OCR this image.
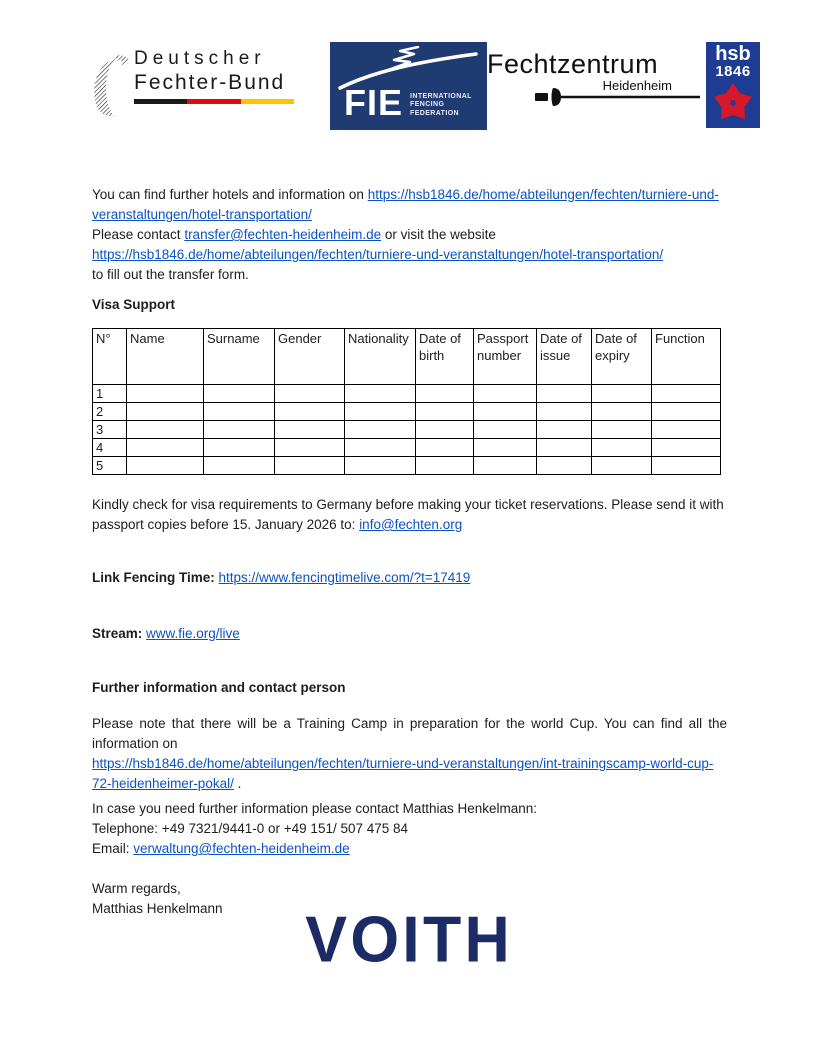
Deutscher
Fechter-Bund FIE INTERNATIONAL FENCING FEDERATION
Fechtzentrum
Heidenheim
hsb
1846

You can find further hotels and information on https://hsb1846.de/home/abteilungen/fechten/turniere-und-veranstaltungen/hotel-transportation/
Please contact transfer@fechten-heidenheim.de or visit the website
https://hsb1846.de/home/abteilungen/fechten/turniere-und-veranstaltungen/hotel-transportation/
to fill out the transfer form.

Visa Support

N°	Name	Surname	Gender	Nationality	Date of birth	Passport number	Date of issue	Date of expiry	Function
1									
2									
3									
4									
5									

Kindly check for visa requirements to Germany before making your ticket reservations. Please send it with passport copies before 15. January 2026 to: info@fechten.org

Link Fencing Time: https://www.fencingtimelive.com/?t=17419

Stream: www.fie.org/live

Further information and contact person

Please note that there will be a Training Camp in preparation for the world Cup. You can find all the information on
https://hsb1846.de/home/abteilungen/fechten/turniere-und-veranstaltungen/int-trainingscamp-world-cup-72-heidenheimer-pokal/ .

In case you need further information please contact Matthias Henkelmann:
Telephone: +49 7321/9441-0 or +49 151/ 507 475 84
Email: verwaltung@fechten-heidenheim.de

Warm regards,
Matthias Henkelmann	VOITH
